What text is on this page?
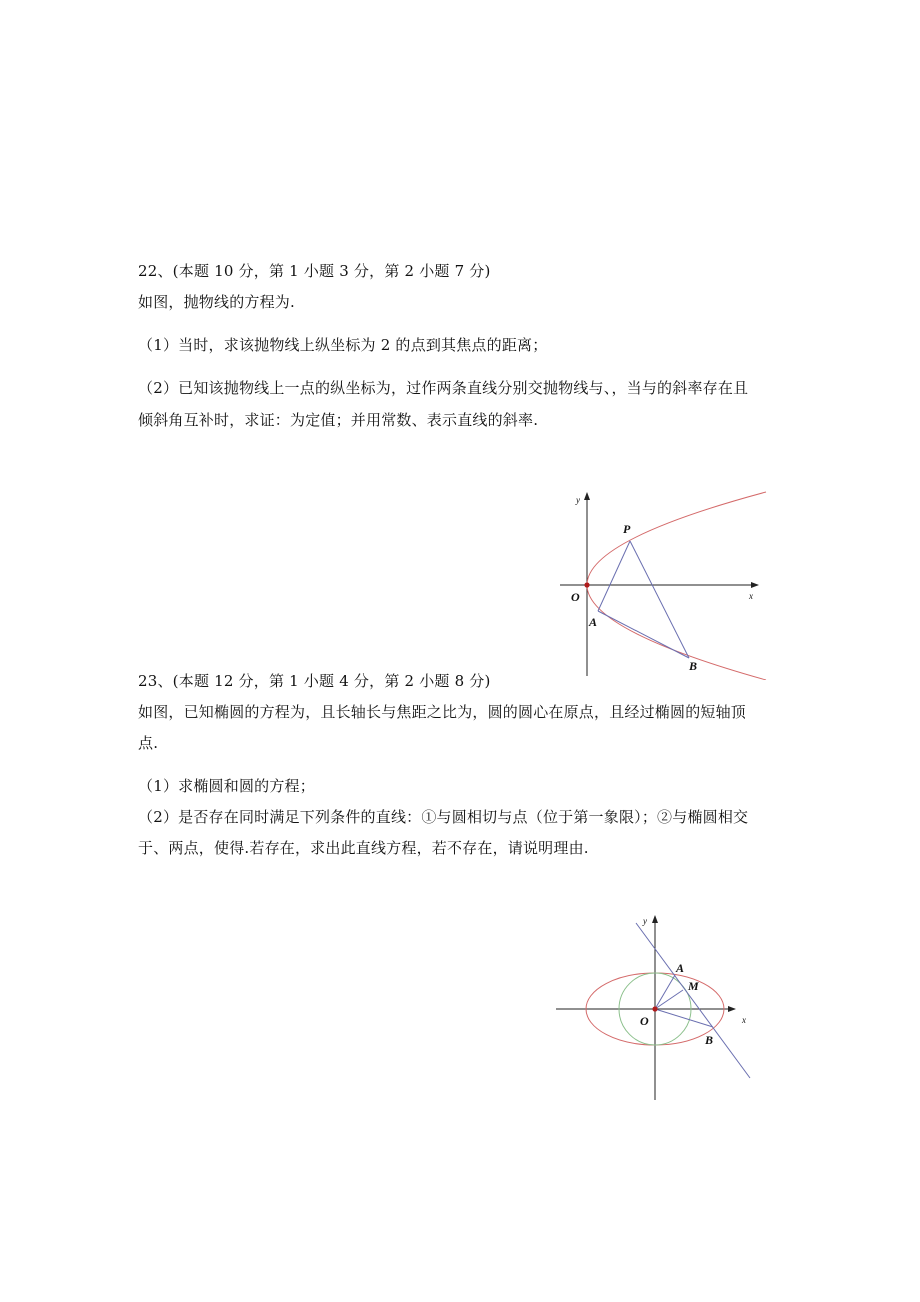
22、(本题 10 分，第 1 小题 3 分，第 2 小题 7 分)
如图，抛物线的方程为.
（1）当时，求该抛物线上纵坐标为 2 的点到其焦点的距离；
（2）已知该抛物线上一点的纵坐标为，过作两条直线分别交抛物线与、，当与的斜率存在且
倾斜角互补时，求证：为定值；并用常数、表示直线的斜率.
y
x
O
P
A
B
23、(本题 12 分，第 1 小题 4 分，第 2 小题 8 分)
如图，已知椭圆的方程为，且长轴长与焦距之比为，圆的圆心在原点，且经过椭圆的短轴顶
点.
（1）求椭圆和圆的方程；
（2）是否存在同时满足下列条件的直线：①与圆相切与点（位于第一象限）；②与椭圆相交
于、两点，使得.若存在，求出此直线方程，若不存在，请说明理由.
y
x
O
A
M
B
